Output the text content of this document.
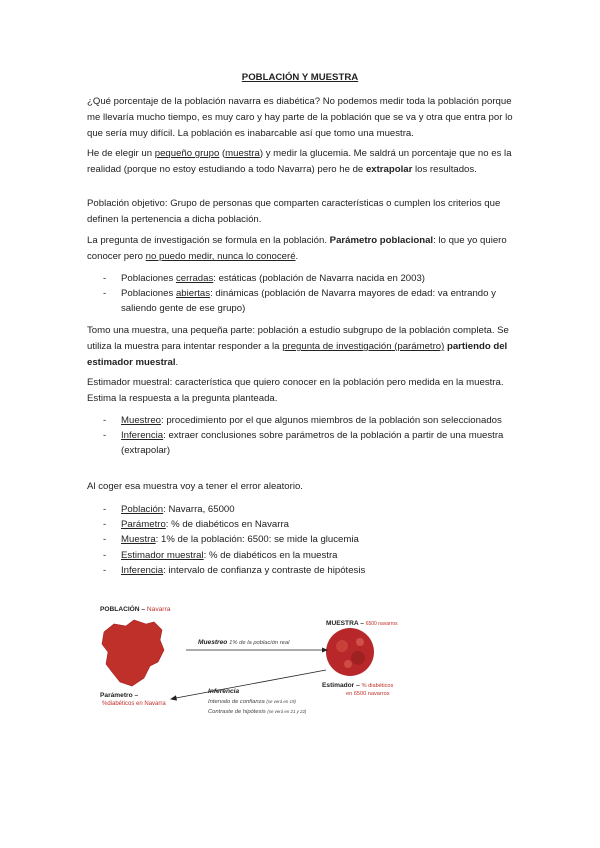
POBLACIÓN Y MUESTRA
¿Qué porcentaje de la población navarra es diabética? No podemos medir toda la población porque me llevaría mucho tiempo, es muy caro y hay parte de la población que se va y otra que entra por lo que sería muy difícil. La población es inabarcable así que tomo una muestra.
He de elegir un pequeño grupo (muestra) y medir la glucemia. Me saldrá un porcentaje que no es la realidad (porque no estoy estudiando a todo Navarra) pero he de extrapolar los resultados.
Población objetivo: Grupo de personas que comparten características o cumplen los criterios que definen la pertenencia a dicha población.
La pregunta de investigación se formula en la población. Parámetro poblacional: lo que yo quiero conocer pero no puedo medir, nunca lo conoceré.
- Poblaciones cerradas: estáticas (población de Navarra nacida en 2003)
- Poblaciones abiertas: dinámicas (población de Navarra mayores de edad: va entrando y saliendo gente de ese grupo)
Tomo una muestra, una pequeña parte: población a estudio subgrupo de la población completa. Se utiliza la muestra para intentar responder a la pregunta de investigación (parámetro) partiendo del estimador muestral.
Estimador muestral: característica que quiero conocer en la población pero medida en la muestra. Estima la respuesta a la pregunta planteada.
- Muestreo: procedimiento por el que algunos miembros de la población son seleccionados
- Inferencia: extraer conclusiones sobre parámetros de la población a partir de una muestra (extrapolar)
Al coger esa muestra voy a tener el error aleatorio.
- Población: Navarra, 65000
- Parámetro: % de diabéticos en Navarra
- Muestra: 1% de la población: 6500: se mide la glucemia
- Estimador muestral: % de diabéticos en la muestra
- Inferencia: intervalo de confianza y contraste de hipótesis
POBLACIÓN – Navarra
MUESTRA – 6500 navarros
Muestreo 1% de la población real
Parámetro –
%diabéticos en Navarra
Estimador – % diabéticos
en 6500 navarros
Inferencia
Intervalo de confianza (se verá en 19)
Contraste de hipótesis (se verá en 21 y 22)
